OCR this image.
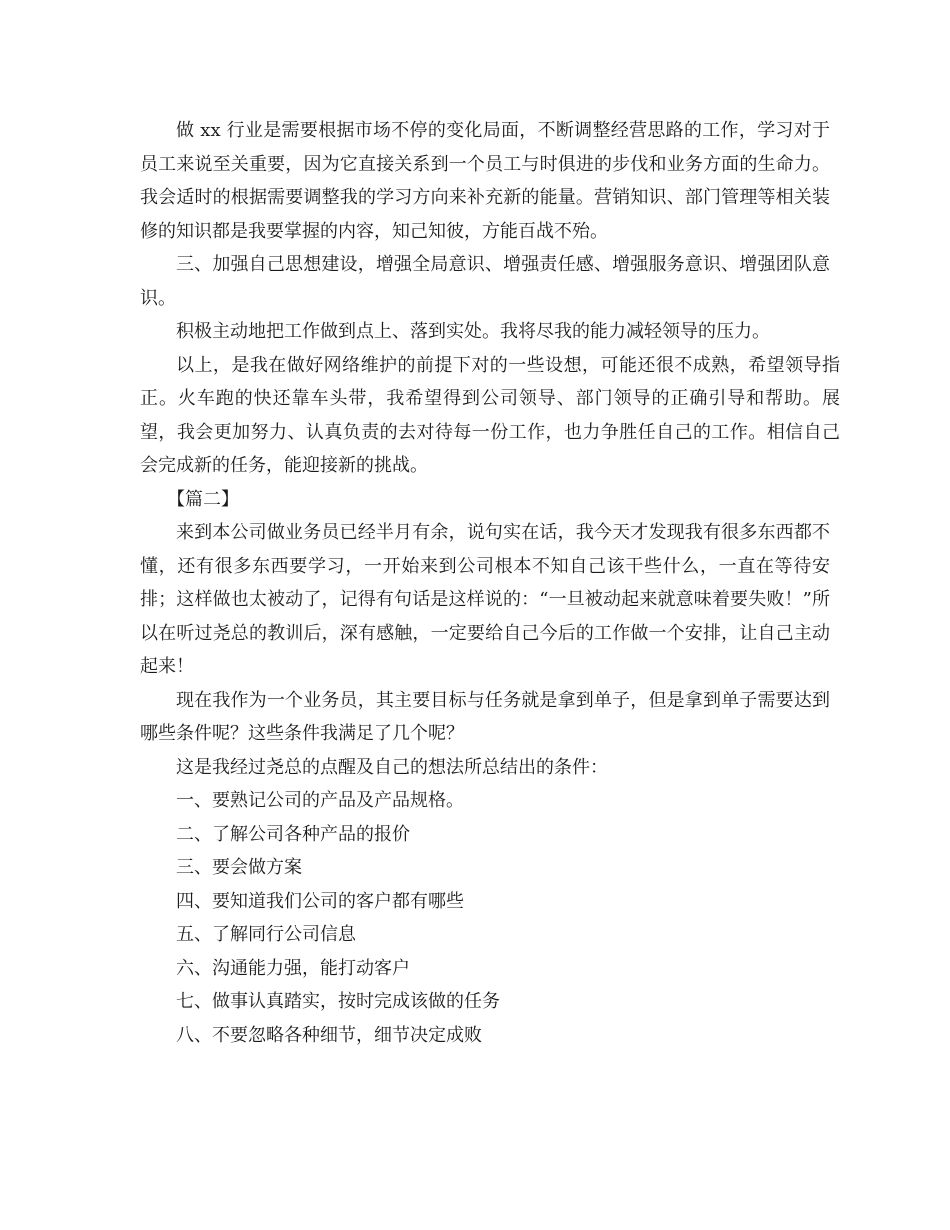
做 xx 行业是需要根据市场不停的变化局面，不断调整经营思路的工作，学习对于员工来说至关重要，因为它直接关系到一个员工与时俱进的步伐和业务方面的生命力。我会适时的根据需要调整我的学习方向来补充新的能量。营销知识、部门管理等相关装修的知识都是我要掌握的内容，知己知彼，方能百战不殆。

三、加强自己思想建设，增强全局意识、增强责任感、增强服务意识、增强团队意识。

积极主动地把工作做到点上、落到实处。我将尽我的能力减轻领导的压力。

以上，是我在做好网络维护的前提下对的一些设想，可能还很不成熟，希望领导指正。火车跑的快还靠车头带，我希望得到公司领导、部门领导的正确引导和帮助。展望，我会更加努力、认真负责的去对待每一份工作，也力争胜任自己的工作。相信自己会完成新的任务，能迎接新的挑战。

【篇二】

来到本公司做业务员已经半月有余，说句实在话，我今天才发现我有很多东西都不懂，还有很多东西要学习，一开始来到公司根本不知自己该干些什么，一直在等待安排；这样做也太被动了，记得有句话是这样说的：“一旦被动起来就意味着要失败！”所以在听过尧总的教训后，深有感触，一定要给自己今后的工作做一个安排，让自己主动起来！

现在我作为一个业务员，其主要目标与任务就是拿到单子，但是拿到单子需要达到哪些条件呢？这些条件我满足了几个呢？

这是我经过尧总的点醒及自己的想法所总结出的条件：

一、要熟记公司的产品及产品规格。

二、了解公司各种产品的报价

三、要会做方案

四、要知道我们公司的客户都有哪些

五、了解同行公司信息

六、沟通能力强，能打动客户

七、做事认真踏实，按时完成该做的任务

八、不要忽略各种细节，细节决定成败
